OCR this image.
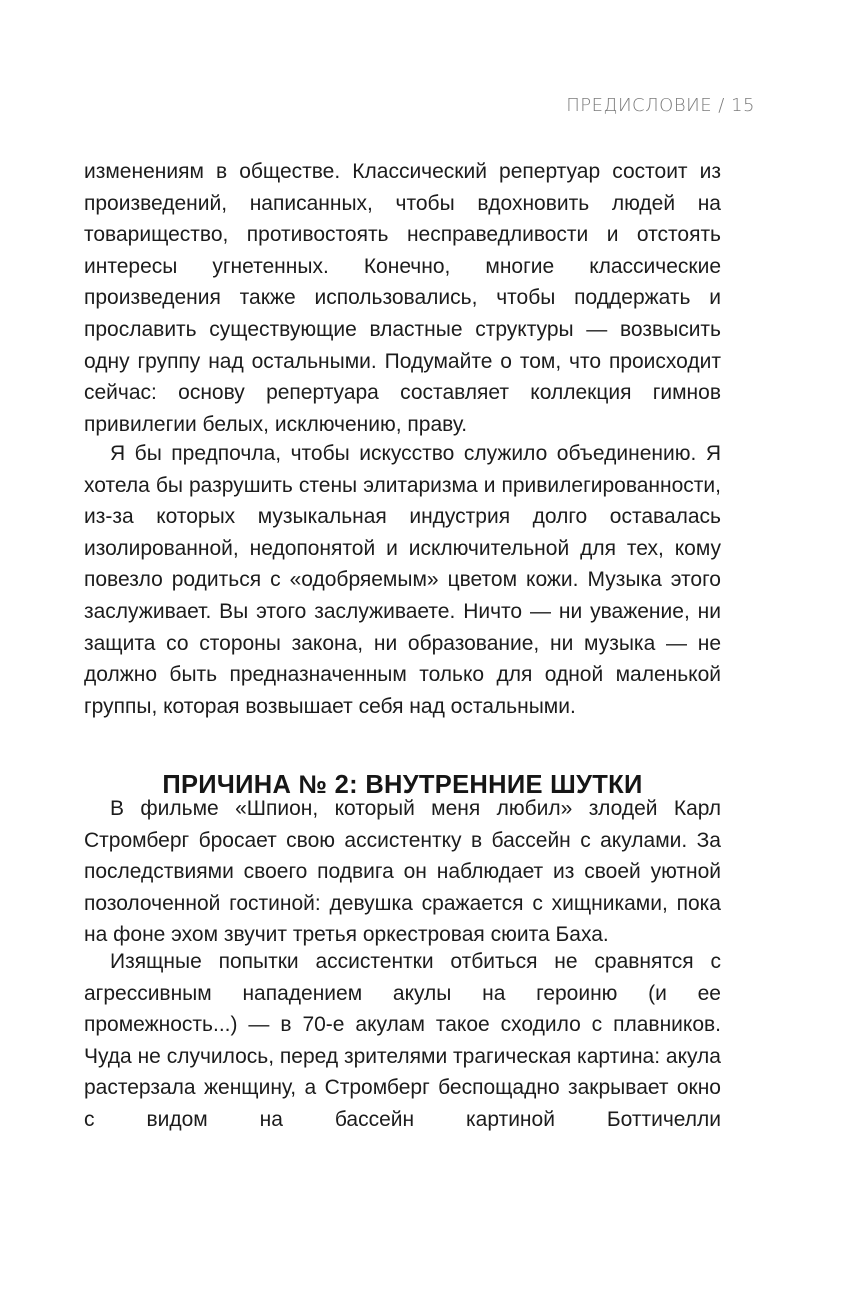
ПРЕДИСЛОВИЕ / 15

изменениям в обществе. Классический репертуар состоит из произведений, написанных, чтобы вдохновить людей на товарищество, противостоять несправедливости и отстоять интересы угнетенных. Конечно, многие классические произведения также использовались, чтобы поддержать и прославить существующие властные структуры — возвысить одну группу над остальными. Подумайте о том, что происходит сейчас: основу репертуара составляет коллекция гимнов привилегии белых, исключению, праву.

Я бы предпочла, чтобы искусство служило объединению. Я хотела бы разрушить стены элитаризма и привилегированности, из-за которых музыкальная индустрия долго оставалась изолированной, недопонятой и исключительной для тех, кому повезло родиться с «одобряемым» цветом кожи. Музыка этого заслуживает. Вы этого заслуживаете. Ничто — ни уважение, ни защита со стороны закона, ни образование, ни музыка — не должно быть предназначенным только для одной маленькой группы, которая возвышает себя над остальными.

ПРИЧИНА № 2: ВНУТРЕННИЕ ШУТКИ

В фильме «Шпион, который меня любил» злодей Карл Стромберг бросает свою ассистентку в бассейн с акулами. За последствиями своего подвига он наблюдает из своей уютной позолоченной гостиной: девушка сражается с хищниками, пока на фоне эхом звучит третья оркестровая сюита Баха.

Изящные попытки ассистентки отбиться не сравнятся с агрессивным нападением акулы на героиню (и ее промежность...) — в 70-е акулам такое сходило с плавников. Чуда не случилось, перед зрителями трагическая картина: акула растерзала женщину, а Стромберг беспощадно закрывает окно с видом на бассейн картиной Боттичелли
